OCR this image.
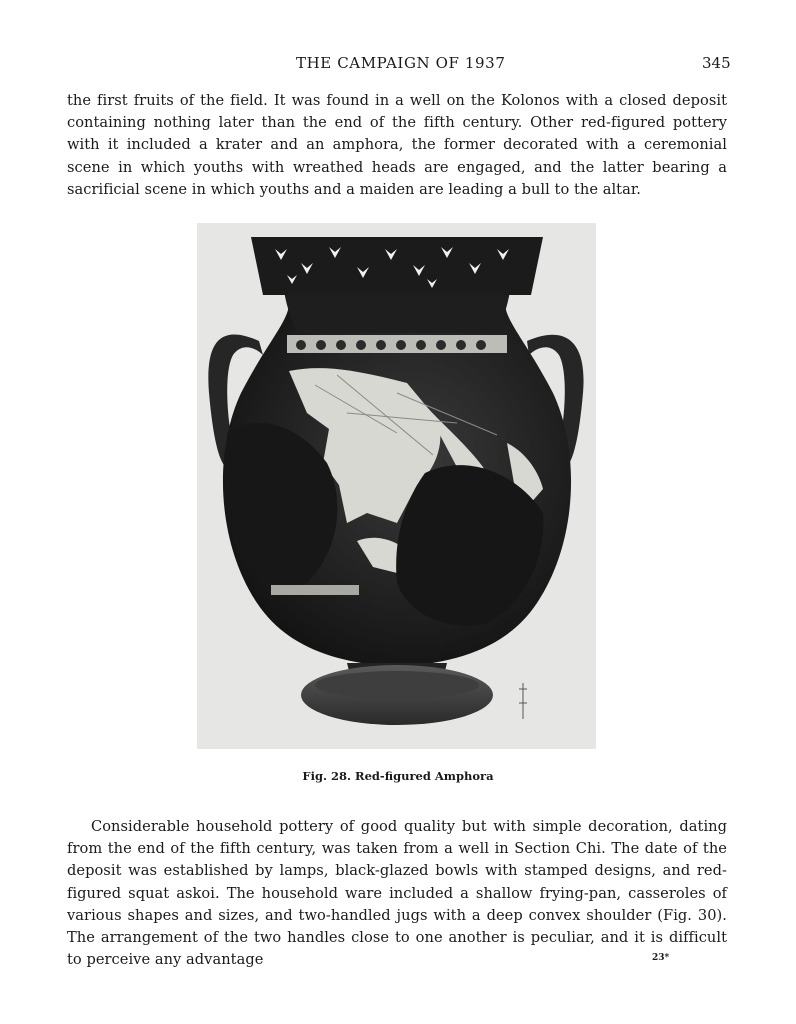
THE CAMPAIGN OF 1937	345

the first fruits of the field. It was found in a well on the Kolonos with a closed deposit containing nothing later than the end of the fifth century. Other red-figured pottery with it included a krater and an amphora, the former decorated with a ceremonial scene in which youths with wreathed heads are engaged, and the latter bearing a sacrificial scene in which youths and a maiden are leading a bull to the altar.

Fig. 28. Red-figured Amphora

Considerable household pottery of good quality but with simple decoration, dating from the end of the fifth century, was taken from a well in Section Chi. The date of the deposit was established by lamps, black-glazed bowls with stamped designs, and red-figured squat askoi. The household ware included a shallow frying-pan, casseroles of various shapes and sizes, and two-handled jugs with a deep convex shoulder (Fig. 30). The arrangement of the two handles close to one another is peculiar, and it is difficult to perceive any advantage	23*
